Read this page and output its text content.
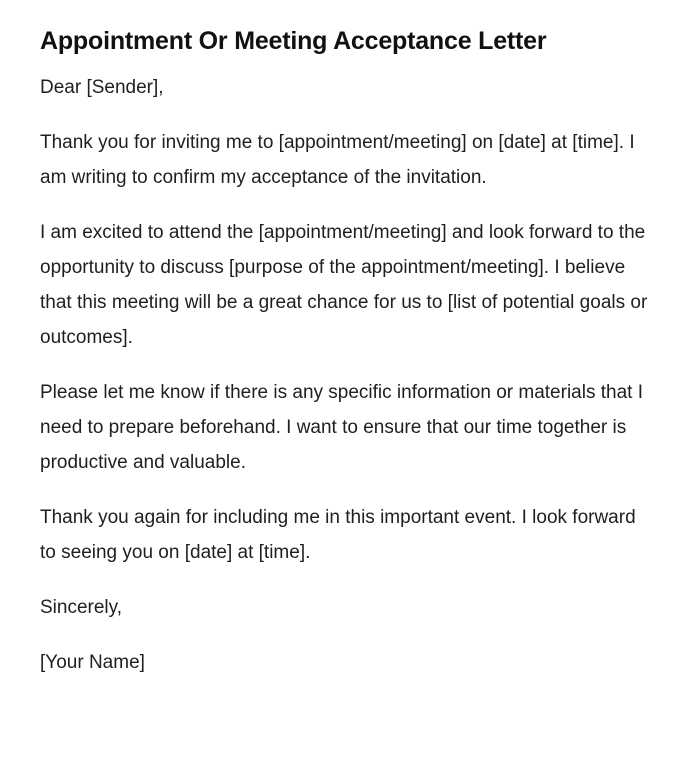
Appointment Or Meeting Acceptance Letter

Dear [Sender],

Thank you for inviting me to [appointment/meeting] on [date] at [time]. I am writing to confirm my acceptance of the invitation.

I am excited to attend the [appointment/meeting] and look forward to the opportunity to discuss [purpose of the appointment/meeting]. I believe that this meeting will be a great chance for us to [list of potential goals or outcomes].

Please let me know if there is any specific information or materials that I need to prepare beforehand. I want to ensure that our time together is productive and valuable.

Thank you again for including me in this important event. I look forward to seeing you on [date] at [time].

Sincerely,

[Your Name]
